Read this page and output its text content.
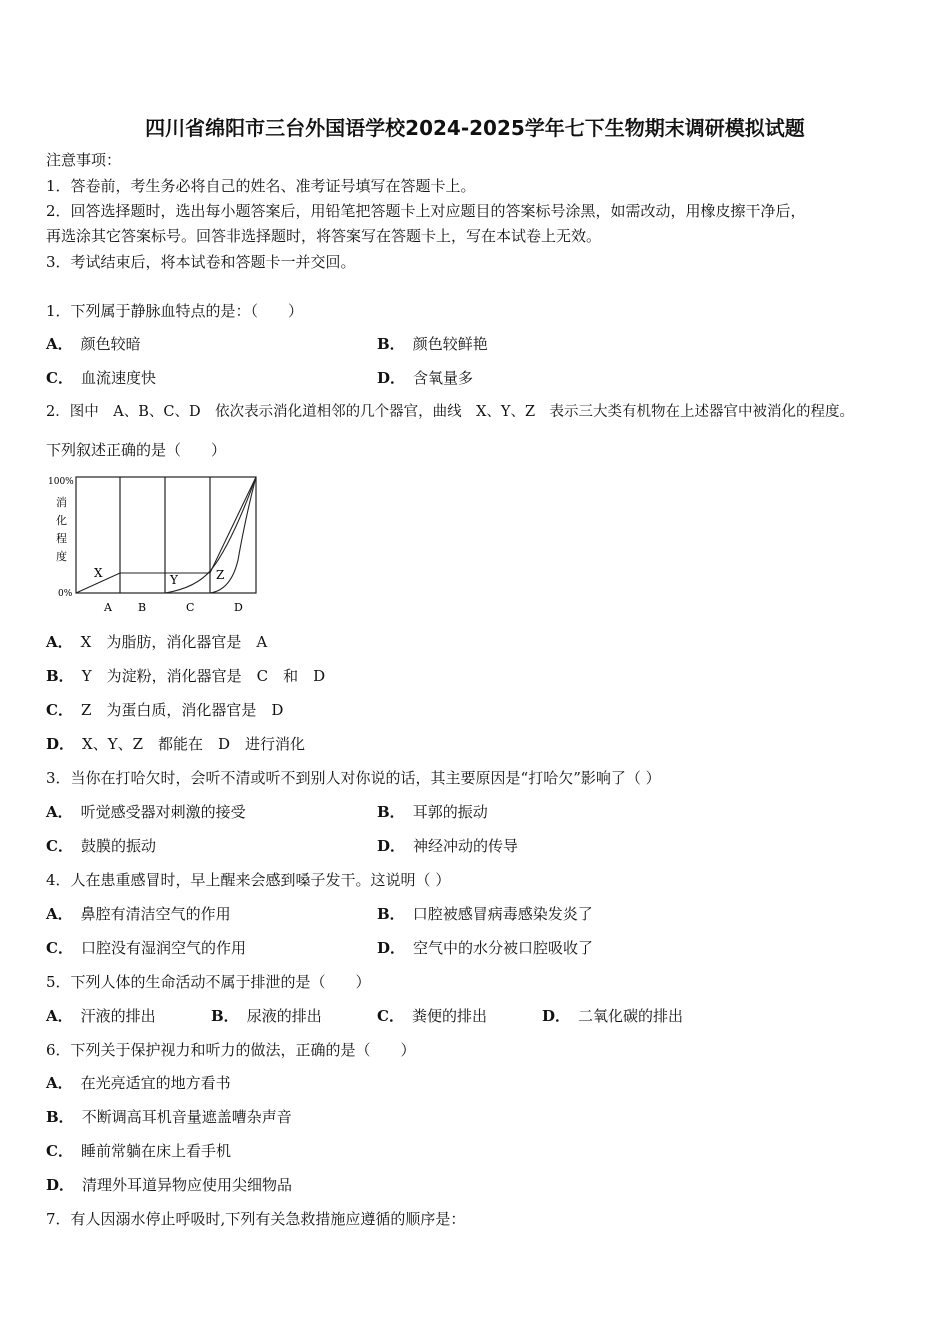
四川省绵阳市三台外国语学校2024-2025学年七下生物期末调研模拟试题
注意事项：
1．答卷前，考生务必将自己的姓名、准考证号填写在答题卡上。
2．回答选择题时，选出每小题答案后，用铅笔把答题卡上对应题目的答案标号涂黑，如需改动，用橡皮擦干净后，
再选涂其它答案标号。回答非选择题时，将答案写在答题卡上，写在本试卷上无效。
3．考试结束后，将本试卷和答题卡一并交回。
1．下列属于静脉血特点的是：（　　）
A． 颜色较暗	B． 颜色较鲜艳
C． 血流速度快	D． 含氧量多
2．图中　A、B、C、D　依次表示消化道相邻的几个器官，曲线　X、Y、Z　表示三大类有机物在上述器官中被消化的程度。
下列叙述正确的是（　　）
100%
0%
消
化
程
度
X	Y	Z
A B	C	D
A． X　为脂肪，消化器官是　A
B． Y　为淀粉，消化器官是　C　和　D
C． Z　为蛋白质，消化器官是　D
D． X、Y、Z　都能在　D　进行消化
3．当你在打哈欠时，会听不清或听不到别人对你说的话，其主要原因是“打哈欠”影响了（ ）
A． 听觉感受器对刺激的接受	B． 耳郭的振动
C． 鼓膜的振动	D． 神经冲动的传导
4．人在患重感冒时，早上醒来会感到嗓子发干。这说明（ ）
A． 鼻腔有清洁空气的作用	B． 口腔被感冒病毒感染发炎了
C． 口腔没有湿润空气的作用	D． 空气中的水分被口腔吸收了
5．下列人体的生命活动不属于排泄的是（　　）
A． 汗液的排出	B． 尿液的排出	C． 粪便的排出	D． 二氧化碳的排出
6．下列关于保护视力和听力的做法，正确的是（　　）
A． 在光亮适宜的地方看书
B． 不断调高耳机音量遮盖嘈杂声音
C． 睡前常躺在床上看手机
D． 清理外耳道异物应使用尖细物品
7．有人因溺水停止呼吸时,下列有关急救措施应遵循的顺序是：
